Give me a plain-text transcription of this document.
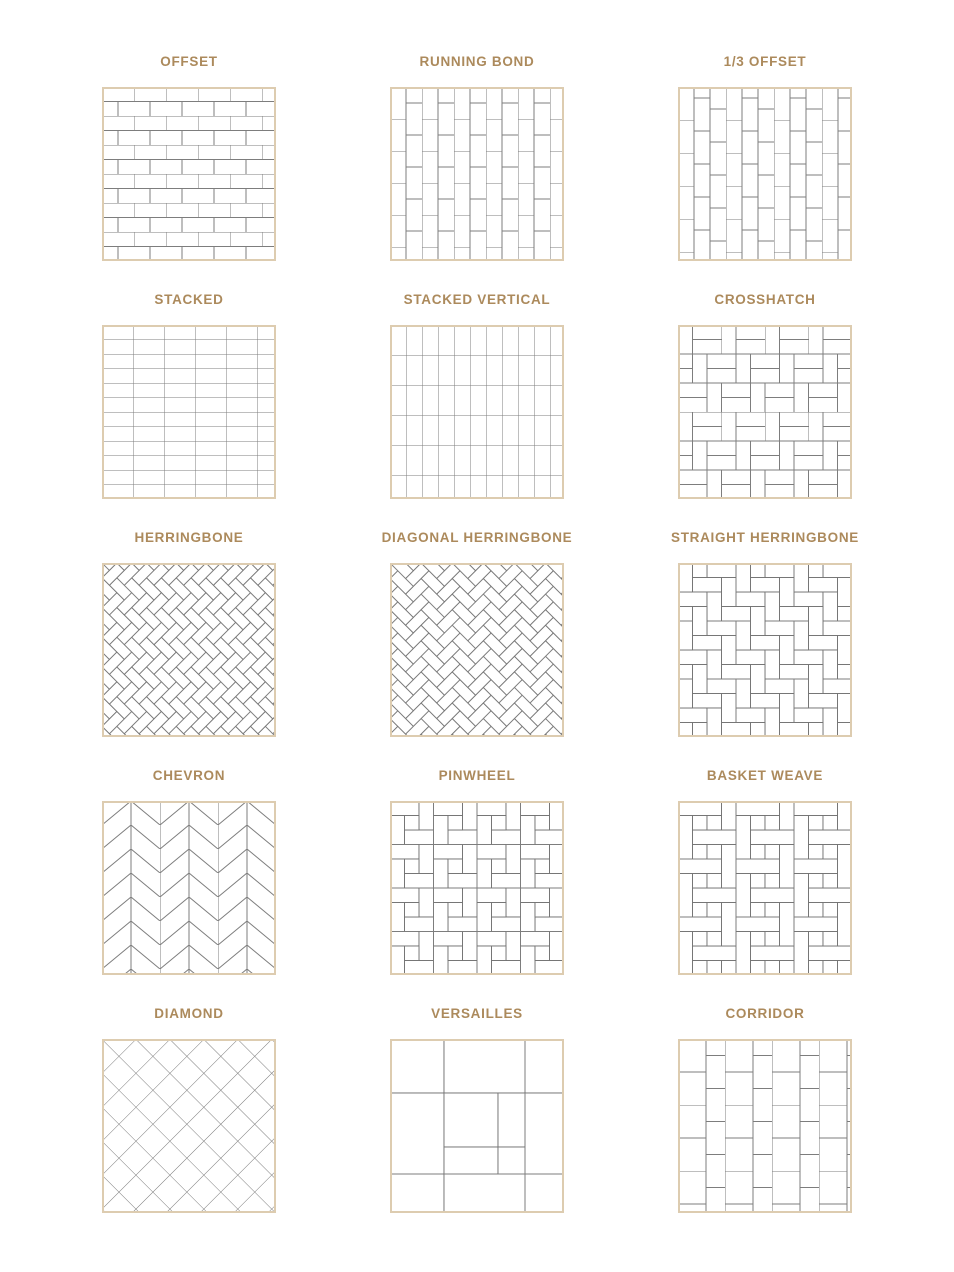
OFFSET	RUNNING BOND	1/3 OFFSET
STACKED	STACKED VERTICAL	CROSSHATCH
HERRINGBONE	DIAGONAL HERRINGBONE	STRAIGHT HERRINGBONE
CHEVRON	PINWHEEL	BASKET WEAVE
DIAMOND	VERSAILLES	CORRIDOR
